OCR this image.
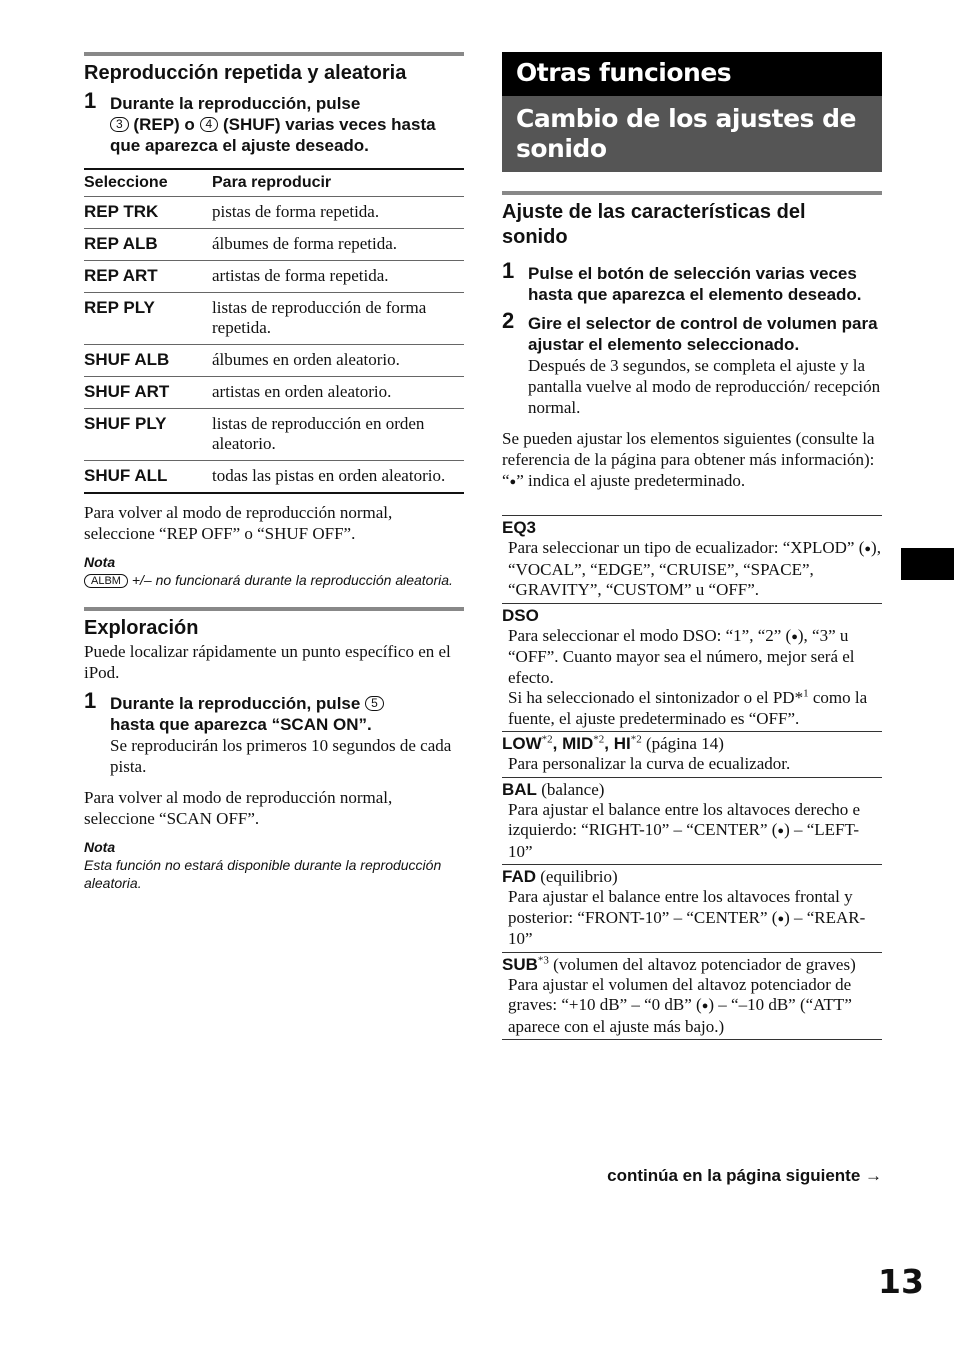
Reproducción repetida y aleatoria
1 Durante la reproducción, pulse
3 (REP) o 4 (SHUF) varias veces hasta que aparezca el ajuste deseado.
Seleccione	Para reproducir
REP TRK	pistas de forma repetida.
REP ALB	álbumes de forma repetida.
REP ART	artistas de forma repetida.
REP PLY	listas de reproducción de forma repetida.
SHUF ALB	álbumes en orden aleatorio.
SHUF ART	artistas en orden aleatorio.
SHUF PLY	listas de reproducción en orden aleatorio.
SHUF ALL	todas las pistas en orden aleatorio.

Para volver al modo de reproducción normal, seleccione “REP OFF” o “SHUF OFF”.

Nota
ALBM +/– no funcionará durante la reproducción aleatoria.
Exploración

Puede localizar rápidamente un punto específico en el iPod.

1 Durante la reproducción, pulse 5
hasta que aparezca “SCAN ON”.
Se reproducirán los primeros 10 segundos de cada pista.

Para volver al modo de reproducción normal, seleccione “SCAN OFF”.

Nota
Esta función no estará disponible durante la reproducción aleatoria.
Otras funciones
Cambio de los ajustes de sonido
Ajuste de las características del sonido
1 Pulse el botón de selección varias veces hasta que aparezca el elemento deseado.
2 Gire el selector de control de volumen para ajustar el elemento seleccionado.
Después de 3 segundos, se completa el ajuste y la pantalla vuelve al modo de reproducción/ recepción normal.

Se pueden ajustar los elementos siguientes (consulte la referencia de la página para obtener más información):

“●” indica el ajuste predeterminado.

EQ3
Para seleccionar un tipo de ecualizador: “XPLOD” (●), “VOCAL”, “EDGE”, “CRUISE”, “SPACE”, “GRAVITY”, “CUSTOM” u “OFF”.
DSO
Para seleccionar el modo DSO: “1”, “2” (●), “3” u “OFF”. Cuanto mayor sea el número, mejor será el efecto.
Si ha seleccionado el sintonizador o el PD*$^1$ como la fuente, el ajuste predeterminado es “OFF”.
LOW$^{*2}$, MID$^{*2}$, HI$^{*2}$ (página 14)
Para personalizar la curva de ecualizador.
BAL (balance)
Para ajustar el balance entre los altavoces derecho e izquierdo: “RIGHT-10” – “CENTER” (●) – “LEFT-10”
FAD (equilibrio)
Para ajustar el balance entre los altavoces frontal y posterior: “FRONT-10” – “CENTER” (●) – “REAR-10”
SUB$^{*3}$ (volumen del altavoz potenciador de graves)
Para ajustar el volumen del altavoz potenciador de graves: “+10 dB” – “0 dB” (●) – “–10 dB” (“ATT” aparece con el ajuste más bajo.)
continúa en la página siguiente →
13
